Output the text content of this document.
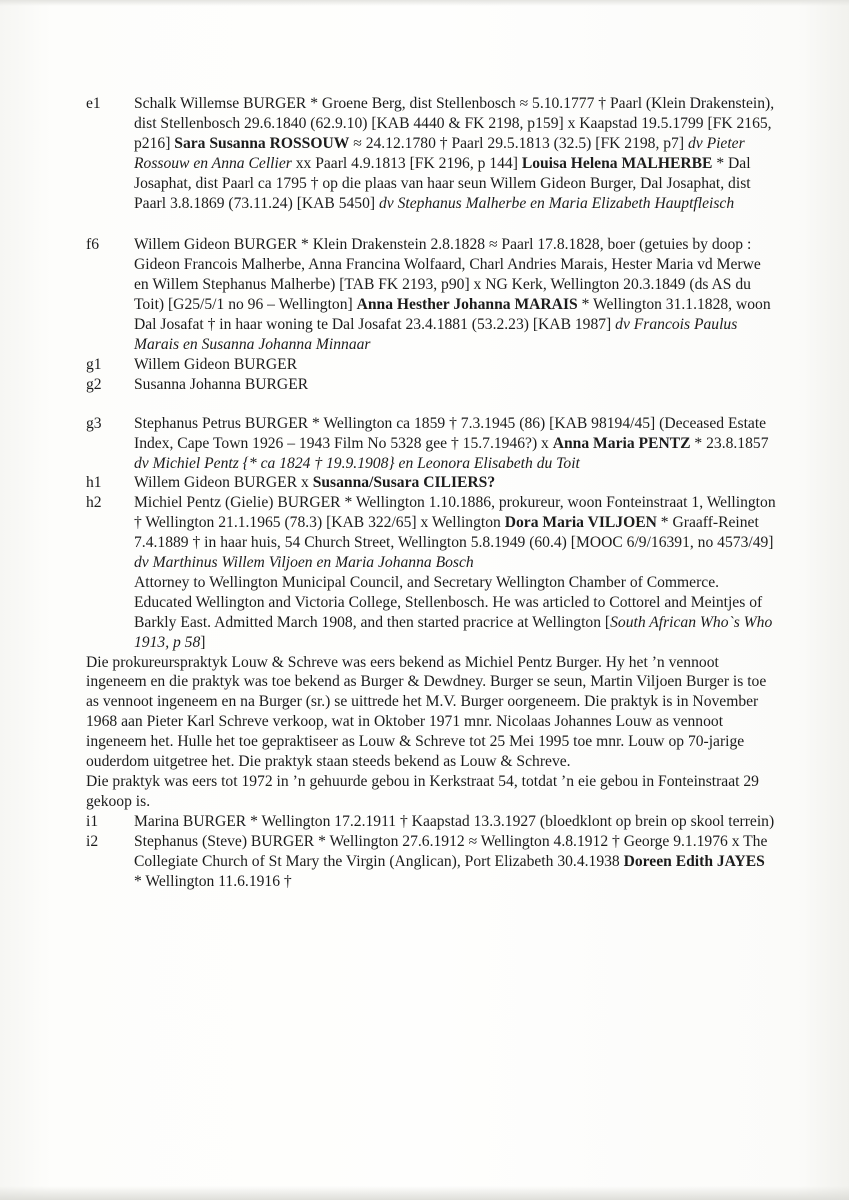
e1	Schalk Willemse BURGER * Groene Berg, dist Stellenbosch ≈ 5.10.1777 † Paarl (Klein Drakenstein), dist Stellenbosch 29.6.1840 (62.9.10) [KAB 4440 & FK 2198, p159] x Kaapstad 19.5.1799 [FK 2165, p216] Sara Susanna ROSSOUW ≈ 24.12.1780 † Paarl 29.5.1813 (32.5) [FK 2198, p7] dv Pieter Rossouw en Anna Cellier xx Paarl 4.9.1813 [FK 2196, p 144] Louisa Helena MALHERBE * Dal Josaphat, dist Paarl ca 1795 † op die plaas van haar seun Willem Gideon Burger, Dal Josaphat, dist Paarl 3.8.1869 (73.11.24) [KAB 5450] dv Stephanus Malherbe en Maria Elizabeth Hauptfleisch
f6	Willem Gideon BURGER * Klein Drakenstein 2.8.1828 ≈ Paarl 17.8.1828, boer (getuies by doop : Gideon Francois Malherbe, Anna Francina Wolfaard, Charl Andries Marais, Hester Maria vd Merwe en Willem Stephanus Malherbe) [TAB FK 2193, p90] x NG Kerk, Wellington 20.3.1849 (ds AS du Toit) [G25/5/1 no 96 – Wellington] Anna Hesther Johanna MARAIS * Wellington 31.1.1828, woon Dal Josafat † in haar woning te Dal Josafat 23.4.1881 (53.2.23) [KAB 1987] dv Francois Paulus Marais en Susanna Johanna Minnaar
g1	Willem Gideon BURGER
g2	Susanna Johanna BURGER
g3	Stephanus Petrus BURGER * Wellington ca 1859 † 7.3.1945 (86) [KAB 98194/45] (Deceased Estate Index, Cape Town 1926 – 1943 Film No 5328 gee † 15.7.1946?) x Anna Maria PENTZ * 23.8.1857 dv Michiel Pentz {* ca 1824 † 19.9.1908} en Leonora Elisabeth du Toit
h1	Willem Gideon BURGER x Susanna/Susara CILIERS?
h2	Michiel Pentz (Gielie) BURGER * Wellington 1.10.1886, prokureur, woon Fonteinstraat 1, Wellington † Wellington 21.1.1965 (78.3) [KAB 322/65] x Wellington Dora Maria VILJOEN * Graaff-Reinet 7.4.1889 † in haar huis, 54 Church Street, Wellington 5.8.1949 (60.4) [MOOC 6/9/16391, no 4573/49] dv Marthinus Willem Viljoen en Maria Johanna Bosch
Attorney to Wellington Municipal Council, and Secretary Wellington Chamber of Commerce. Educated Wellington and Victoria College, Stellenbosch. He was articled to Cottorel and Meintjes of Barkly East. Admitted March 1908, and then started pracrice at Wellington [South African Who`s Who 1913, p 58]
Die prokureurspraktyk Louw & Schreve was eers bekend as Michiel Pentz Burger. Hy het ’n vennoot ingeneem en die praktyk was toe bekend as Burger & Dewdney. Burger se seun, Martin Viljoen Burger is toe as vennoot ingeneem en na Burger (sr.) se uittrede het M.V. Burger oorgeneem. Die praktyk is in November 1968 aan Pieter Karl Schreve verkoop, wat in Oktober 1971 mnr. Nicolaas Johannes Louw as vennoot ingeneem het. Hulle het toe gepraktiseer as Louw & Schreve tot 25 Mei 1995 toe mnr. Louw op 70-jarige ouderdom uitgetree het. Die praktyk staan steeds bekend as Louw & Schreve.
Die praktyk was eers tot 1972 in ’n gehuurde gebou in Kerkstraat 54, totdat ’n eie gebou in Fonteinstraat 29 gekoop is.
i1	Marina BURGER * Wellington 17.2.1911 † Kaapstad 13.3.1927 (bloedklont op brein op skool terrein)
i2	Stephanus (Steve) BURGER * Wellington 27.6.1912 ≈ Wellington 4.8.1912 † George 9.1.1976 x The Collegiate Church of St Mary the Virgin (Anglican), Port Elizabeth 30.4.1938 Doreen Edith JAYES * Wellington 11.6.1916 †
